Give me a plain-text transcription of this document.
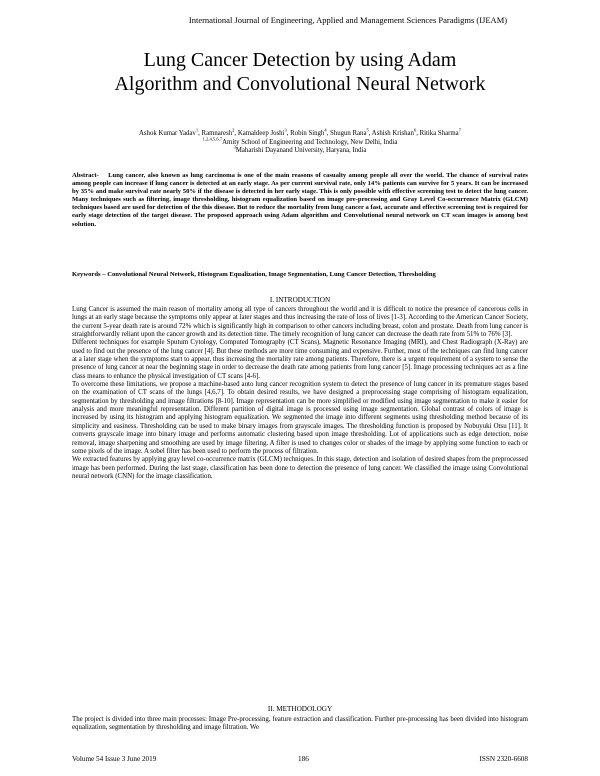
International Journal of Engineering, Applied and Management Sciences Paradigms (IJEAM)
Lung Cancer Detection by using Adam
Algorithm and Convolutional Neural Network
Ashok Kumar Yadav$^1$, Ramnaresh$^2$, Kamaldeep Joshi$^3$, Robin Singh$^4$, Shugun Rana$^5$, Ashish Krishan$^6$, Ritika Sharma$^7$
$^{1,2,4,5,6,7}$Amity School of Engineering and Technology, New Delhi, India
$^3$Maharishi Dayanand University, Haryana, India
Abstract- Lung cancer, also known as lung carcinoma is one of the main reasons of casualty among people all over the world. The chance of survival rates among people can increase if lung cancer is detected at an early stage. As per current survival rate, only 14% patients can survive for 5 years. It can be increased by 35% and make survival rate nearly 50% if the disease is detected in her early stage. This is only possible with effective screening test to detect the lung cancer. Many techniques such as filtering, image thresholding, histogram equalization based on image pre-processing and Gray Level Co-occurrence Matrix (GLCM) techniques based are used for detection of the this disease. But to reduce the mortality from lung cancer a fast, accurate and effective screening test is required for early stage detection of the target disease. The proposed approach using Adam algorithm and Convolutional neural network on CT scan images is among best solution.
Keywords – Convolutional Neural Network, Histogram Equalization, Image Segmentation, Lung Cancer Detection, Thresholding
I. INTRODUCTION

Lung Cancer is assumed the main reason of mortality among all type of cancers throughout the world and it is difficult to notice the presence of cancerous cells in lungs at an early stage because the symptoms only appear at later stages and thus increasing the rate of loss of lives [1-3]. According to the American Cancer Society, the current 5-year death rate is around 72% which is significantly high in comparison to other cancers including breast, colon and prostate. Death from lung cancer is straightforwardly reliant upon the cancer growth and its detection time. The timely recognition of lung cancer can decrease the death rate from 51% to 76% [3].

Different techniques for example Sputum Cytology, Computed Tomography (CT Scans), Magnetic Resonance Imaging (MRI), and Chest Radiograph (X-Ray) are used to find out the presence of the lung cancer [4]. But these methods are more time consuming and expensive. Further, most of the techniques can find lung cancer at a later stage when the symptoms start to appear, thus increasing the mortality rate among patients. Therefore, there is a urgent requirement of a system to sense the presence of lung cancer at near the beginning stage in order to decrease the death rate among patients from lung cancer [5]. Image processing techniques act as a fine class means to enhance the physical investigation of CT scans [4-6].

To overcome these limitations, we propose a machine-based auto lung cancer recognition system to detect the presence of lung cancer in its premature stages based on the examination of CT scans of the lungs [4,6,7]. To obtain desired results, we have designed a preprocessing stage comprising of histogram equalization, segmentation by thresholding and image filtrations [8-10]. Image representation can be more simplified or modified using image segmentation to make it easier for analysis and more meaningful representation. Different partition of digital image is processed using image segmentation. Global contrast of colors of image is increased by using its histogram and applying histogram equalization. We segmented the image into different segments using thresholding method because of its simplicity and easiness. Thresholding can be used to make binary images from grayscale images. The thresholding function is proposed by Nobuyuki Otsu [11]. It converts grayscale image into binary image and performs automatic clustering based upon image thresholding. Lot of applications such as edge detection, noise removal, image sharpening and smoothing are used by image filtering. A filter is used to changes color or shades of the image by applying some function to each or some pixels of the image. A sobel filter has been used to perform the process of filtration.

We extracted features by applying gray level co-occurrence matrix (GLCM) techniques. In this stage, detection and isolation of desired shapes from the preprocessed image has been performed. During the last stage, classification has been done to detection the presence of lung cancer. We classified the image using Convolutional neural network (CNN) for the image classification.

II. METHODOLOGY

The project is divided into three main processes: Image Pre-processing, feature extraction and classification. Further pre-processing has been divided into histogram equalization, segmentation by thresholding and image filtration. We

Volume 54 Issue 3 June 2019	186	ISSN 2320-6608
